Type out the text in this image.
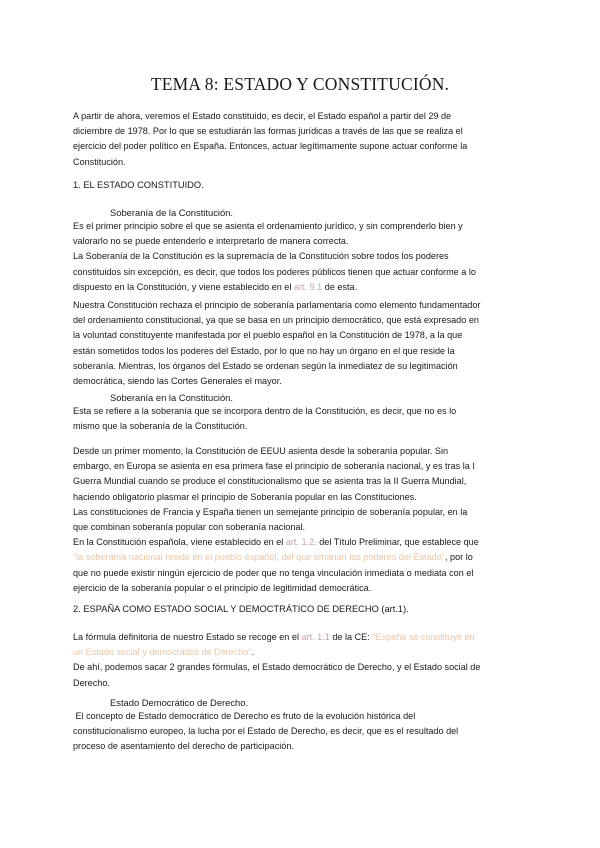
TEMA 8: ESTADO Y CONSTITUCIÓN.

A partir de ahora, veremos el Estado constituido, es decir, el Estado español a partir del 29 de

diciembre de 1978. Por lo que se estudiarán las formas jurídicas a través de las que se realiza el

ejercicio del poder político en España. Entonces, actuar legítimamente supone actuar conforme la

Constitución.

1. EL ESTADO CONSTITUIDO.
Soberanía de la Constitución.

Es el primer principio sobre el que se asienta el ordenamiento jurídico, y sin comprenderlo bien y

valorarlo no se puede entenderlo e interpretarlo de manera correcta.

La Soberanía de la Constitución es la supremacía de la Constitución sobre todos los poderes

constituidos sin excepción, es decir, que todos los poderes públicos tienen que actuar conforme a lo

dispuesto en la Constitución, y viene establecido en el art. 9.1 de esta.

Nuestra Constitución rechaza el principio de soberanía parlamentaria como elemento fundamentador

del ordenamiento constitucional, ya que se basa en un principio democrático, que está expresado en

la voluntad constituyente manifestada por el pueblo español en la Constitución de 1978, a la que

están sometidos todos los poderes del Estado, por lo que no hay un órgano en el que reside la

soberanía. Mientras, los órganos del Estado se ordenan según la inmediatez de su legitimación

democrática, siendo las Cortes Generales el mayor.

Soberanía en la Constitución.

Esta se refiere a la soberanía que se incorpora dentro de la Constitución, es decir, que no es lo

mismo que la soberanía de la Constitución.

Desde un primer momento, la Constitución de EEUU asienta desde la soberanía popular. Sin

embargo, en Europa se asienta en esa primera fase el principio de soberanía nacional, y es tras la I

Guerra Mundial cuando se produce el constitucionalismo que se asienta tras la II Guerra Mundial,

haciendo obligatorio plasmar el principio de Soberanía popular en las Constituciones.

Las constituciones de Francia y España tienen un semejante principio de soberanía popular, en la

que combinan soberanía popular con soberanía nacional.

En la Constitución española, viene establecido en el art. 1.2. del Título Preliminar, que establece que

"la soberanía nacional reside en el pueblo español, del que emanan los poderes del Estado", por lo

que no puede existir ningún ejercicio de poder que no tenga vinculación inmediata o mediata con el

ejercicio de la soberanía popular o el principio de legitimidad democrática.

2. ESPAÑA COMO ESTADO SOCIAL Y DEMOCTRÁTICO DE DERECHO (art.1).

La fórmula definitoria de nuestro Estado se recoge en el art. 1.1 de la CE: "España se constituye en

un Estado social y democrático de Derecho".

De ahí, podemos sacar 2 grandes fórmulas, el Estado democrático de Derecho, y el Estado social de

Derecho.

Estado Democrático de Derecho.

El concepto de Estado democrático de Derecho es fruto de la evolución histórica del

constitucionalismo europeo, la lucha por el Estado de Derecho, es decir, que es el resultado del

proceso de asentamiento del derecho de participación.
